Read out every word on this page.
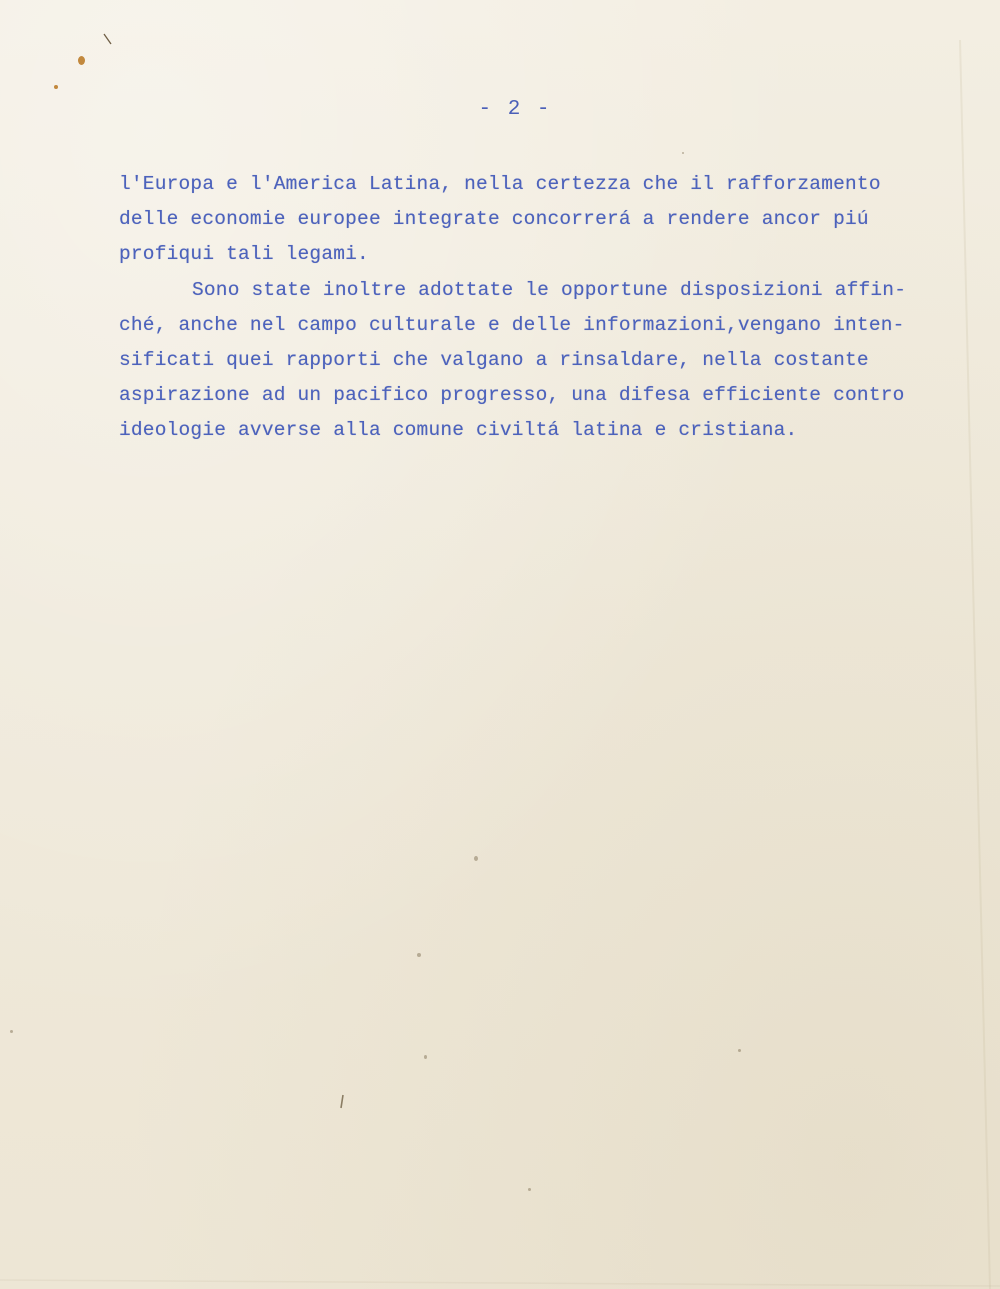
- 2 -
l'Europa e l'America Latina, nella certezza che il rafforzamento
delle economie europee integrate concorrerá a rendere ancor piú
profiqui tali legami.
Sono state inoltre adottate le opportune disposizioni affin-
ché, anche nel campo culturale e delle informazioni,vengano inten-
sificati quei rapporti che valgano a rinsaldare, nella costante
aspirazione ad un pacifico progresso, una difesa efficiente contro
ideologie avverse alla comune civiltá latina e cristiana.
